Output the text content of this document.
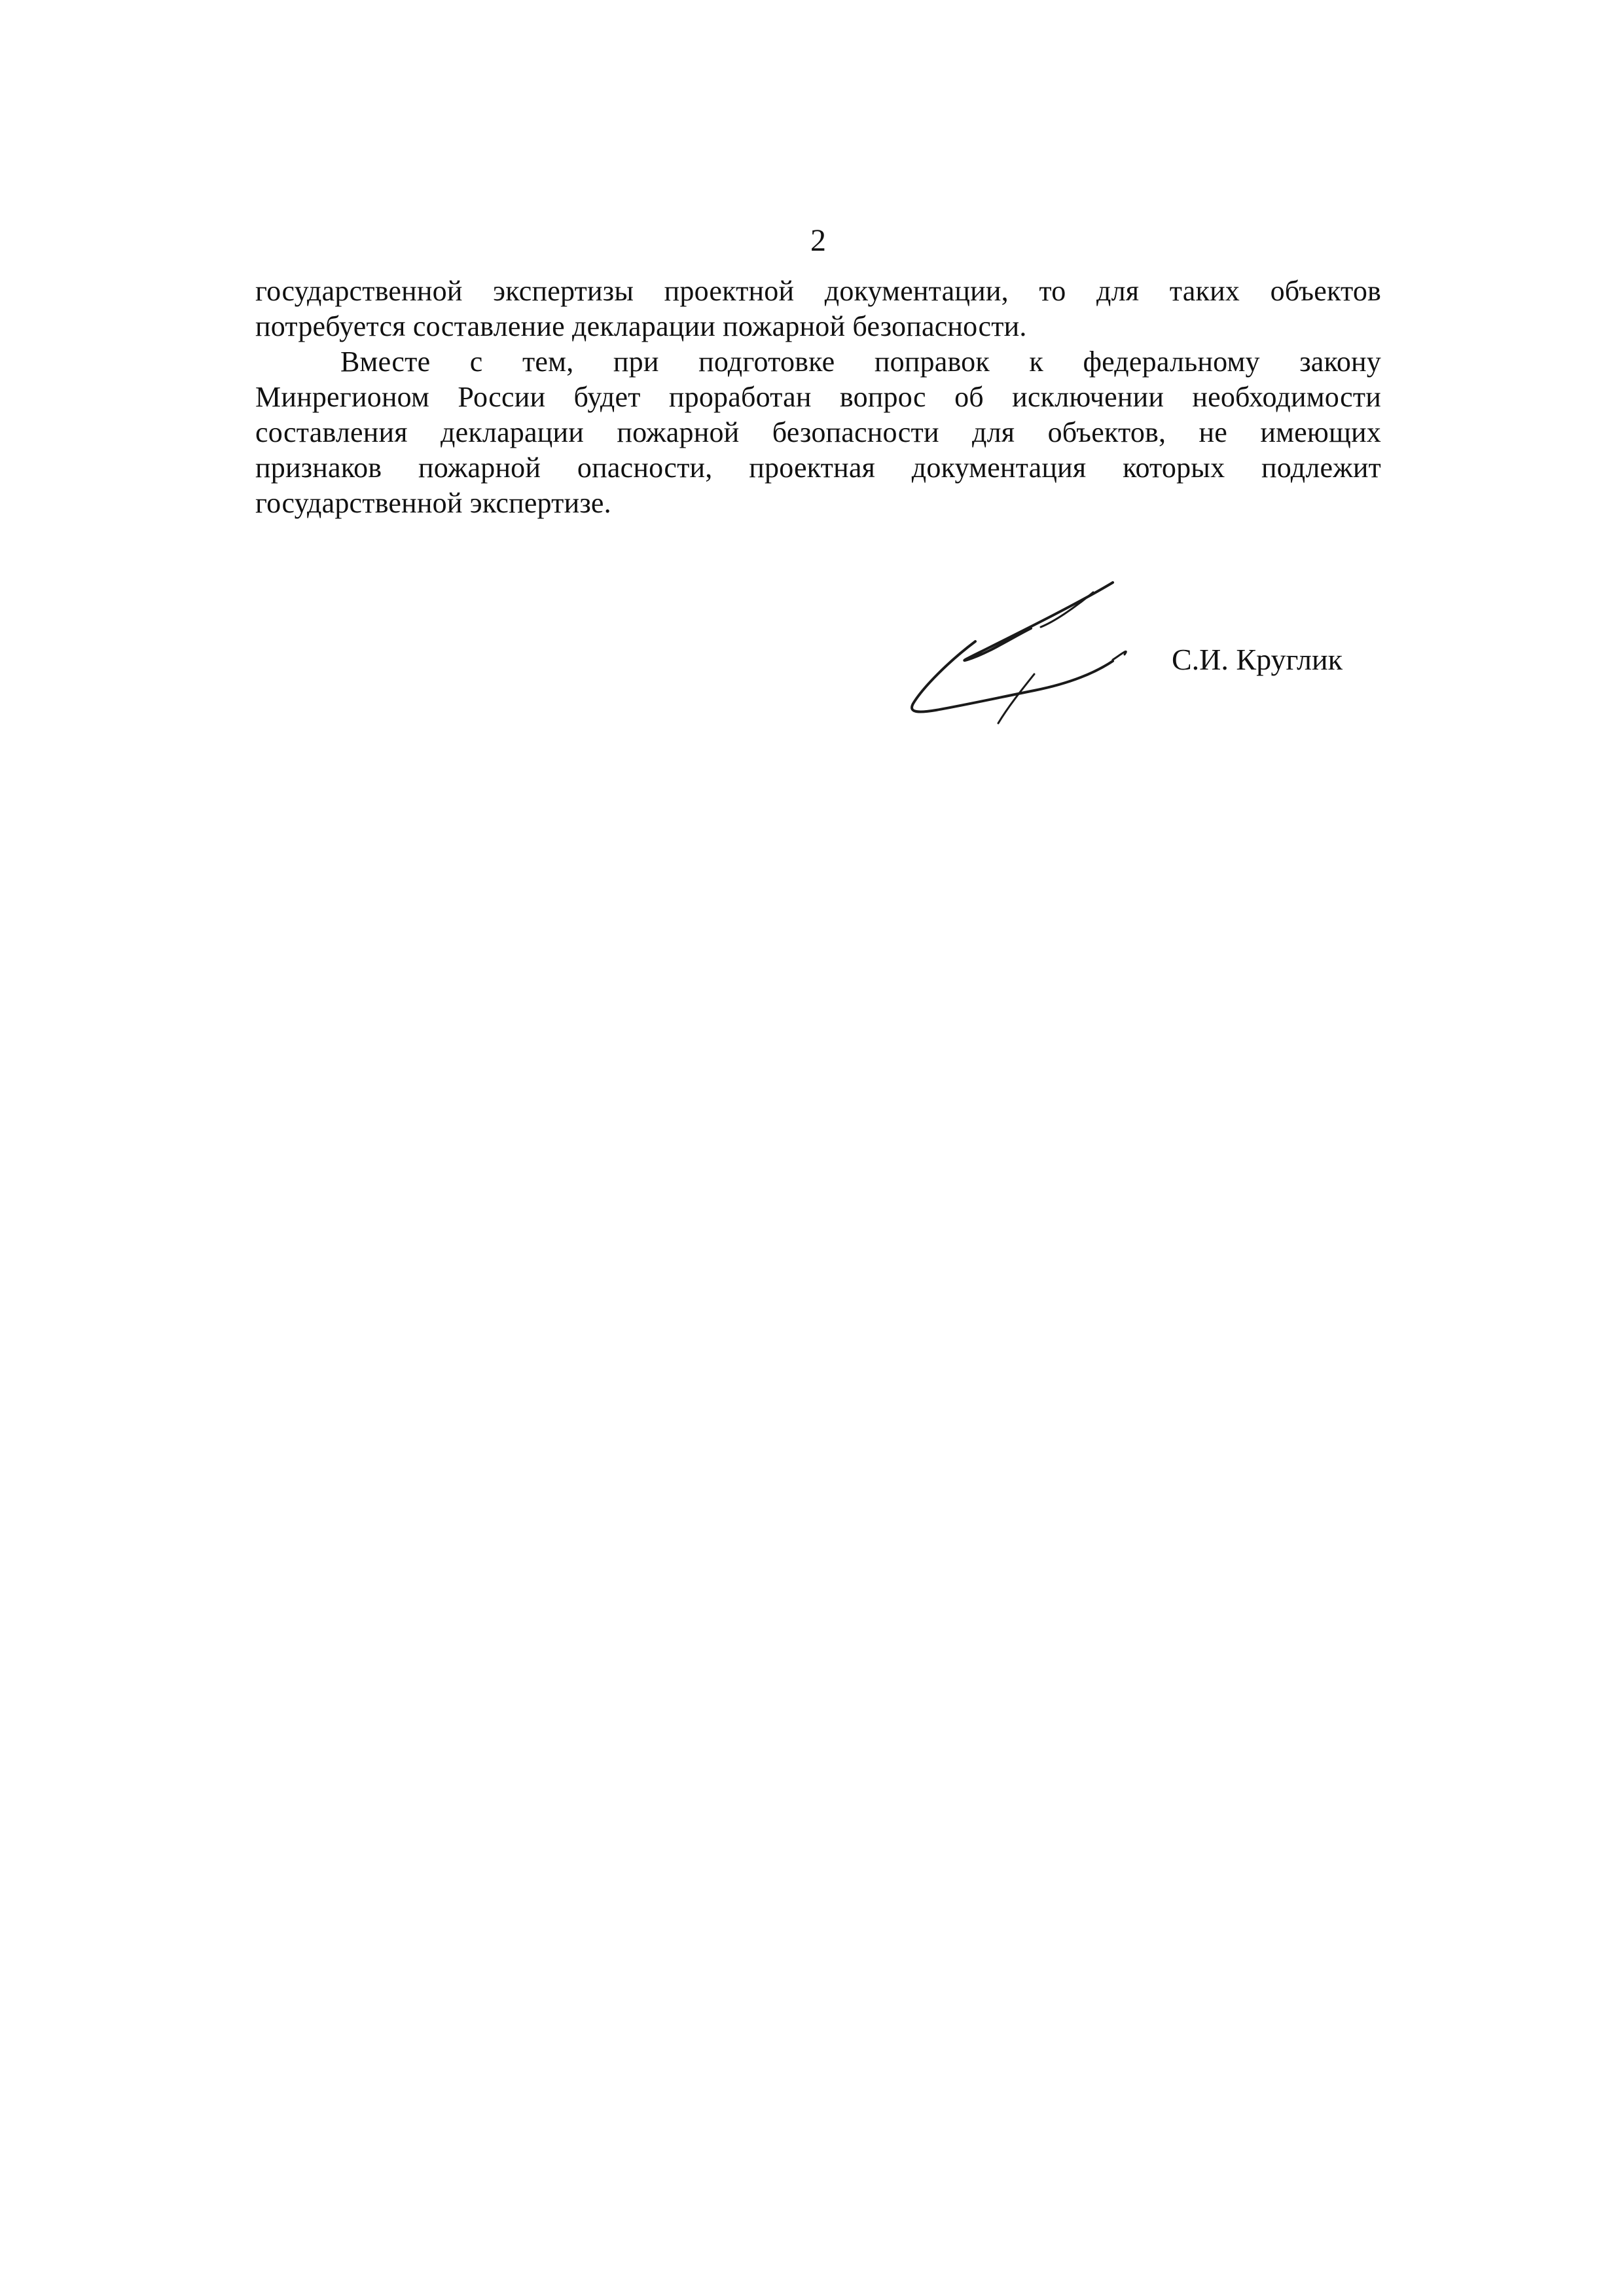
2
государственной экспертизы проектной документации, то для таких объектов
потребуется составление декларации пожарной безопасности.
Вместе с тем, при подготовке поправок к федеральному закону
Минрегионом России будет проработан вопрос об исключении необходимости
составления декларации пожарной безопасности для объектов, не имеющих
признаков пожарной опасности, проектная документация которых подлежит
государственной экспертизе.
С.И. Круглик
